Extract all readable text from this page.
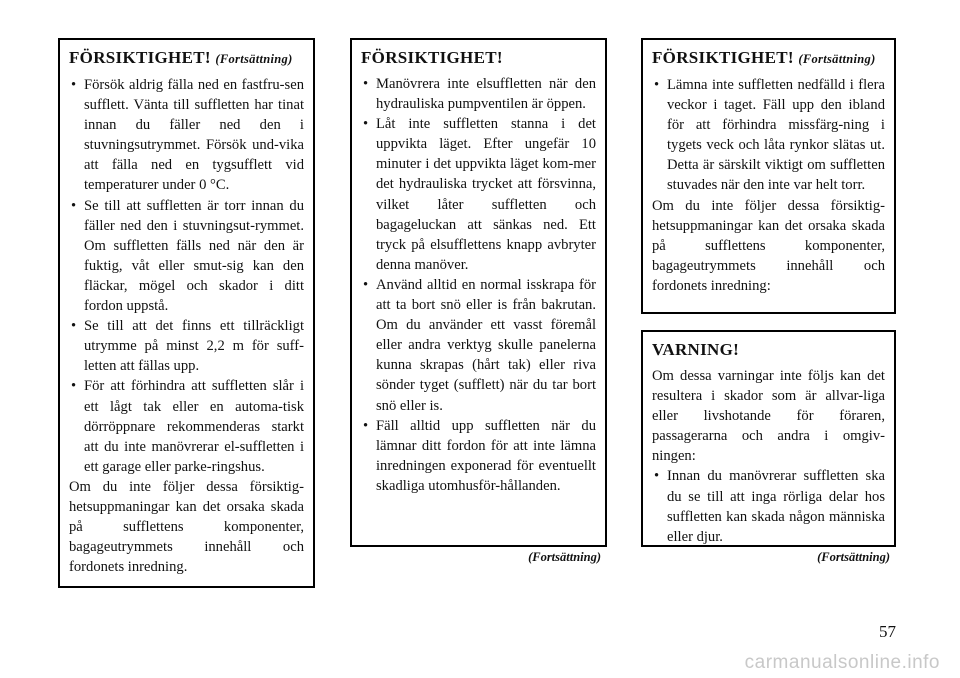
FÖRSIKTIGHET! (Fortsättning)
• Försök aldrig fälla ned en fastfru-sen sufflett. Vänta till suffletten har tinat innan du fäller ned den i stuvningsutrymmet. Försök und-vika att fälla ned en tygsufflett vid temperaturer under 0 °C.
• Se till att suffletten är torr innan du fäller ned den i stuvningsut-rymmet. Om suffletten fälls ned när den är fuktig, våt eller smut-sig kan den fläckar, mögel och skador i ditt fordon uppstå.
• Se till att det finns ett tillräckligt utrymme på minst 2,2 m för suff-letten att fällas upp.
• För att förhindra att suffletten slår i ett lågt tak eller en automa-tisk dörröppnare rekommenderas starkt att du inte manövrerar el-suffletten i ett garage eller parke-ringshus.

Om du inte följer dessa försiktig-hetsuppmaningar kan det orsaka skada på sufflettens komponenter, bagageutrymmets innehåll och fordonets inredning.

FÖRSIKTIGHET!
• Manövrera inte elsuffletten när den hydrauliska pumpventilen är öppen.
• Låt inte suffletten stanna i det uppvikta läget. Efter ungefär 10 minuter i det uppvikta läget kom-mer det hydrauliska trycket att försvinna, vilket låter suffletten och bagageluckan att sänkas ned. Ett tryck på elsufflettens knapp avbryter denna manöver.
• Använd alltid en normal isskrapa för att ta bort snö eller is från bakrutan. Om du använder ett vasst föremål eller andra verktyg skulle panelerna kunna skrapas (hårt tak) eller riva sönder tyget (sufflett) när du tar bort snö eller is.
• Fäll alltid upp suffletten när du lämnar ditt fordon för att inte lämna inredningen exponerad för eventuellt skadliga utomhusför-hållanden.
(Fortsättning)
FÖRSIKTIGHET! (Fortsättning)
• Lämna inte suffletten nedfälld i flera veckor i taget. Fäll upp den ibland för att förhindra missfärg-ning i tygets veck och låta rynkor slätas ut. Detta är särskilt viktigt om suffletten stuvades när den inte var helt torr.

Om du inte följer dessa försiktig-hetsuppmaningar kan det orsaka skada på sufflettens komponenter, bagageutrymmets innehåll och fordonets inredning:

VARNING!

Om dessa varningar inte följs kan det resultera i skador som är allvar-liga eller livshotande för föraren, passagerarna och andra i omgiv-ningen:

• Innan du manövrerar suffletten ska du se till att inga rörliga delar hos suffletten kan skada någon människa eller djur.
(Fortsättning)
57
carmanualsonline.info
